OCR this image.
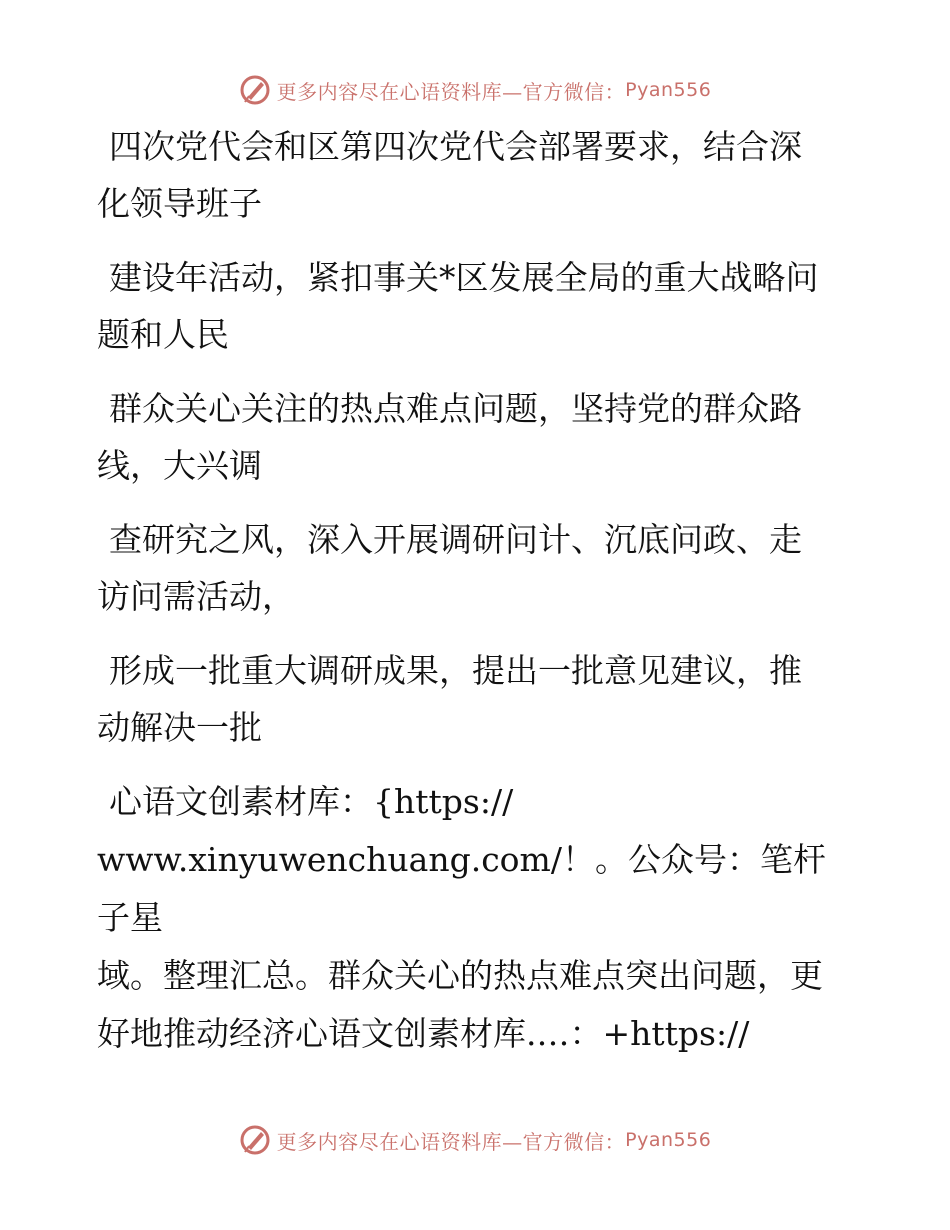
更多内容尽在心语资料库—官方微信： Pyan556

四次党代会和区第四次党代会部署要求，结合深
化领导班子

建设年活动，紧扣事关*区发展全局的重大战略问
题和人民

群众关心关注的热点难点问题，坚持党的群众路
线，大兴调

查研究之风，深入开展调研问计、沉底问政、走
访问需活动，

形成一批重大调研成果，提出一批意见建议，推
动解决一批

心语文创素材库：{https://
www.xinyuwenchuang.com/！。公众号：笔杆子星
域。整理汇总。群众关心的热点难点突出问题，更
好地推动经济心语文创素材库.…：+https://

更多内容尽在心语资料库—官方微信： Pyan556
